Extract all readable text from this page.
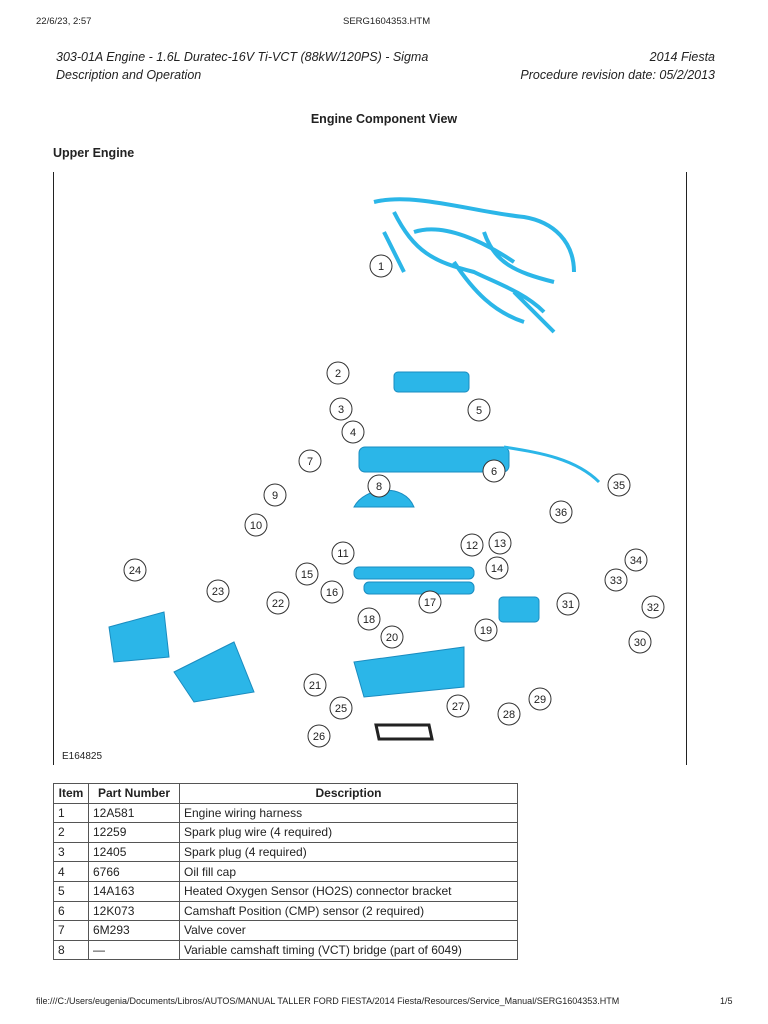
22/6/23, 2:57	SERG1604353.HTM
303-01A Engine - 1.6L Duratec-16V Ti-VCT (88kW/120PS) - Sigma	2014 Fiesta
Description and Operation	Procedure revision date: 05/2/2013
Engine Component View
Upper Engine
1
2
3
4
5
6
7
8
9
10
11
12 13
14
15
16
17
18
19
20
21
22
23
24
25
26
27
28
29
30
31	32
33
34
35
36
E164825
Item	Part Number	Description
1	12A581	Engine wiring harness
2	12259	Spark plug wire (4 required)
3	12405	Spark plug (4 required)
4	6766	Oil fill cap
5	14A163	Heated Oxygen Sensor (HO2S) connector bracket
6	12K073	Camshaft Position (CMP) sensor (2 required)
7	6M293	Valve cover
8	—	Variable camshaft timing (VCT) bridge (part of 6049)
file:///C:/Users/eugenia/Documents/Libros/AUTOS/MANUAL TALLER FORD FIESTA/2014 Fiesta/Resources/Service_Manual/SERG1604353.HTM	1/5
